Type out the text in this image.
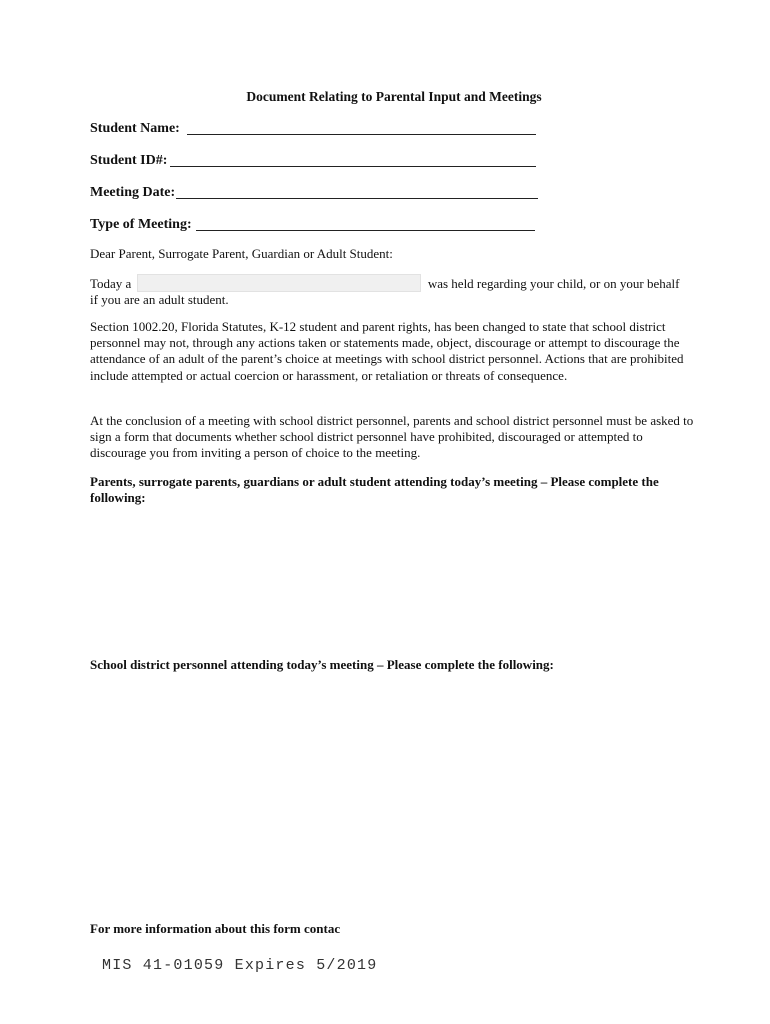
Document Relating to Parental Input and Meetings
Student Name:
Student ID#:
Meeting Date:
Type of Meeting:
Dear Parent, Surrogate Parent, Guardian or Adult Student:
Today a	was held regarding your child, or on your behalf
if you are an adult student.
Section 1002.20, Florida Statutes, K-12 student and parent rights, has been changed to state that school district personnel may not, through any actions taken or statements made, object, discourage or attempt to discourage the attendance of an adult of the parent’s choice at meetings with school district personnel. Actions that are prohibited include attempted or actual coercion or harassment, or retaliation or threats of consequence.
At the conclusion of a meeting with school district personnel, parents and school district personnel must be asked to sign a form that documents whether school district personnel have prohibited, discouraged or attempted to discourage you from inviting a person of choice to the meeting.
Parents, surrogate parents, guardians or adult student attending today’s meeting – Please complete the following:
School district personnel attending today’s meeting – Please complete the following:
For more information about this form contac
MIS 41-01059 Expires 5/2019
